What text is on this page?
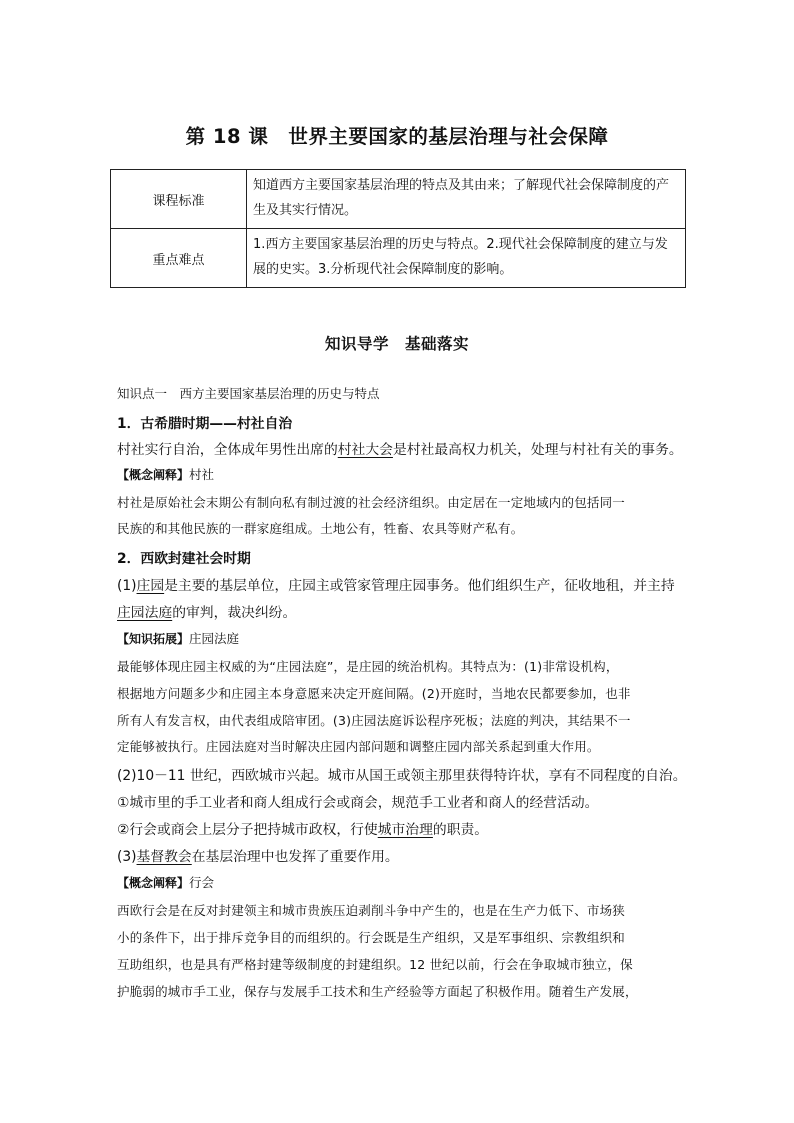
第 18 课　世界主要国家的基层治理与社会保障
课程标准	知道西方主要国家基层治理的特点及其由来；了解现代社会保障制度的产生及其实行情况。
重点难点	1.西方主要国家基层治理的历史与特点。2.现代社会保障制度的建立与发展的史实。3.分析现代社会保障制度的影响。
知识导学　基础落实
知识点一　西方主要国家基层治理的历史与特点
1．古希腊时期——村社自治
村社实行自治，全体成年男性出席的村社大会是村社最高权力机关，处理与村社有关的事务。
【概念阐释】村社
村社是原始社会末期公有制向私有制过渡的社会经济组织。由定居在一定地域内的包括同一
民族的和其他民族的一群家庭组成。土地公有，牲畜、农具等财产私有。
2．西欧封建社会时期
(1)庄园是主要的基层单位，庄园主或管家管理庄园事务。他们组织生产，征收地租，并主持
庄园法庭的审判，裁决纠纷。
【知识拓展】庄园法庭
最能够体现庄园主权威的为“庄园法庭”，是庄园的统治机构。其特点为：(1)非常设机构，
根据地方问题多少和庄园主本身意愿来决定开庭间隔。(2)开庭时，当地农民都要参加，也非
所有人有发言权，由代表组成陪审团。(3)庄园法庭诉讼程序死板；法庭的判决，其结果不一
定能够被执行。庄园法庭对当时解决庄园内部问题和调整庄园内部关系起到重大作用。
(2)10－11 世纪，西欧城市兴起。城市从国王或领主那里获得特许状，享有不同程度的自治。
①城市里的手工业者和商人组成行会或商会，规范手工业者和商人的经营活动。
②行会或商会上层分子把持城市政权，行使城市治理的职责。
(3)基督教会在基层治理中也发挥了重要作用。
【概念阐释】行会
西欧行会是在反对封建领主和城市贵族压迫剥削斗争中产生的，也是在生产力低下、市场狭
小的条件下，出于排斥竞争目的而组织的。行会既是生产组织，又是军事组织、宗教组织和
互助组织，也是具有严格封建等级制度的封建组织。12 世纪以前，行会在争取城市独立，保
护脆弱的城市手工业，保存与发展手工技术和生产经验等方面起了积极作用。随着生产发展，
